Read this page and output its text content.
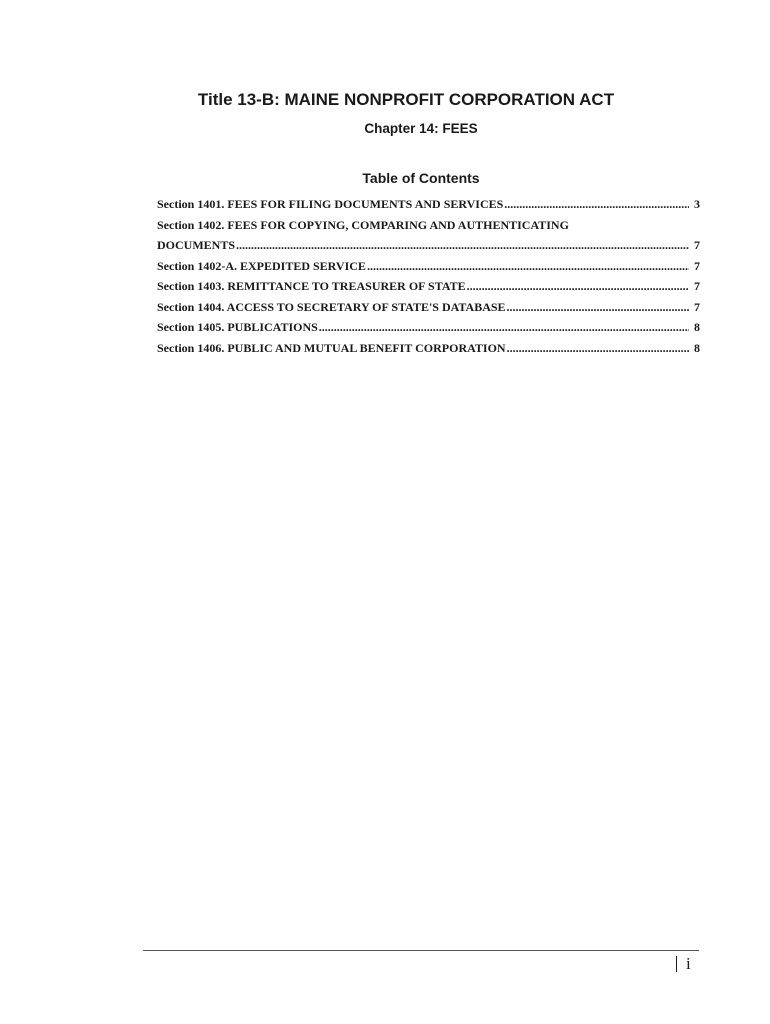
Title 13-B: MAINE NONPROFIT CORPORATION ACT
Chapter 14: FEES
Table of Contents
Section 1401. FEES FOR FILING DOCUMENTS AND SERVICES .....	3
Section 1402. FEES FOR COPYING, COMPARING AND AUTHENTICATING
DOCUMENTS .....	7
Section 1402-A. EXPEDITED SERVICE .....	7
Section 1403. REMITTANCE TO TREASURER OF STATE .....	7
Section 1404. ACCESS TO SECRETARY OF STATE'S DATABASE .....	7
Section 1405. PUBLICATIONS .....	8
Section 1406. PUBLIC AND MUTUAL BENEFIT CORPORATION .....	8
i
